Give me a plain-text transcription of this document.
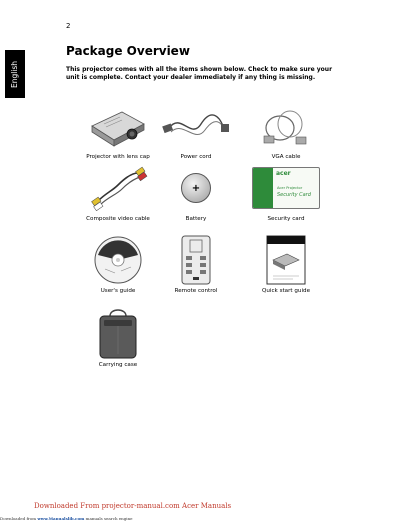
2
English
Package Overview

This projector comes with all the items shown below. Check to make sure your unit is complete. Contact your dealer immediately if any thing is missing.

Projector with lens cap	Power cord	VGA cable
Composite video cable
+
Battery
acer
Acer Projector
Security Card
Security card
User's guide	Remote control	Quick start guide
Carrying case
Downloaded From projector-manual.com Acer Manuals
Downloaded from www.Manualslib.com manuals search engine
